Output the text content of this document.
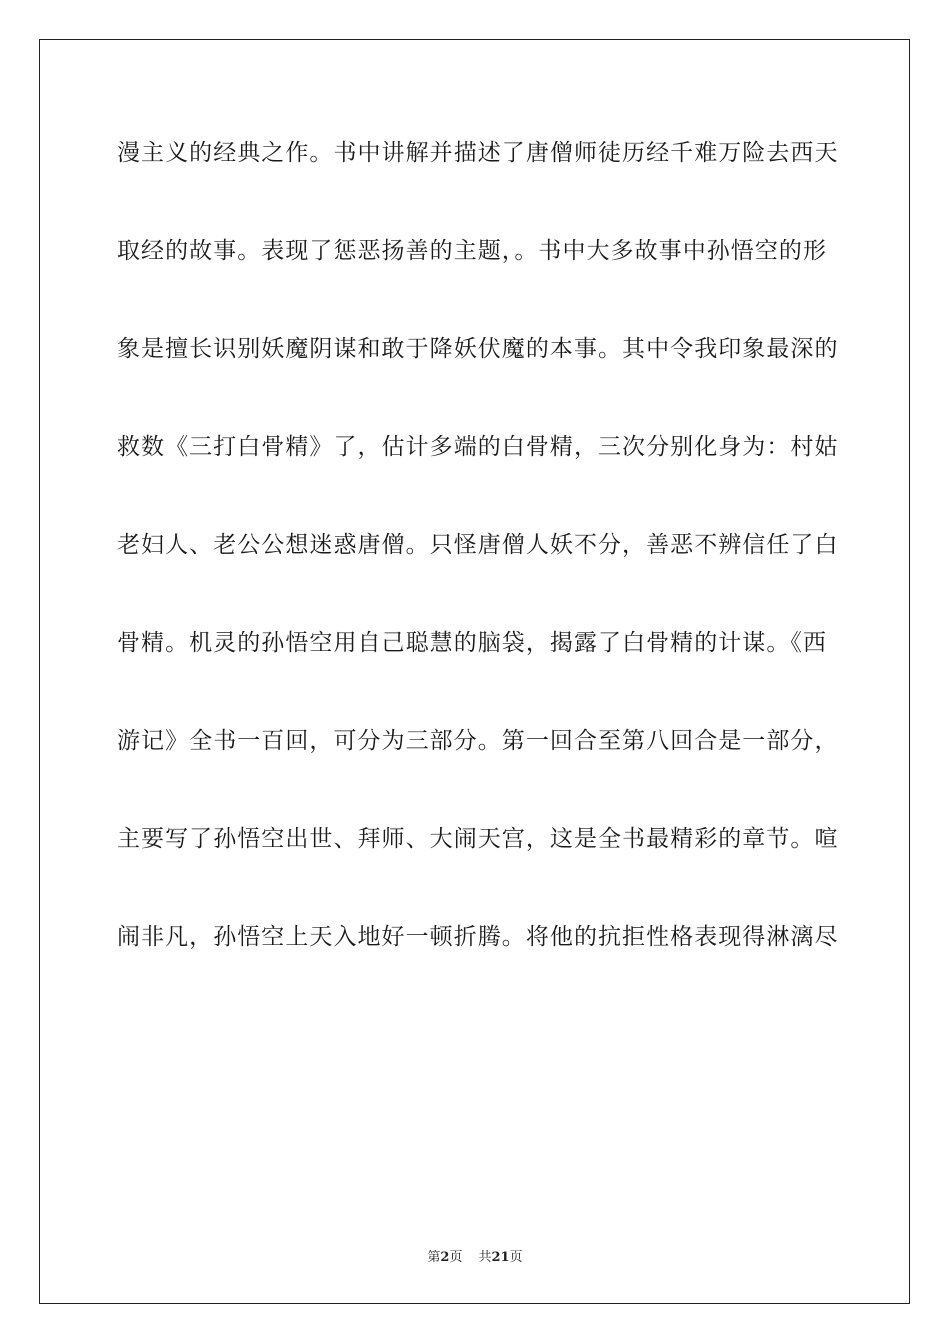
漫主义的经典之作。书中讲解并描述了唐僧师徒历经千难万险去西天
取经的故事。表现了惩恶扬善的主题，。书中大多故事中孙悟空的形
象是擅长识别妖魔阴谋和敢于降妖伏魔的本事。其中令我印象最深的
救数《三打白骨精》了，估计多端的白骨精，三次分别化身为：村姑
老妇人、老公公想迷惑唐僧。只怪唐僧人妖不分，善恶不辨信任了白
骨精。机灵的孙悟空用自己聪慧的脑袋，揭露了白骨精的计谋。《西
游记》全书一百回，可分为三部分。第一回合至第八回合是一部分，
主要写了孙悟空出世、拜师、大闹天宫，这是全书最精彩的章节。喧
闹非凡，孙悟空上天入地好一顿折腾。将他的抗拒性格表现得淋漓尽
第2页 共21页
